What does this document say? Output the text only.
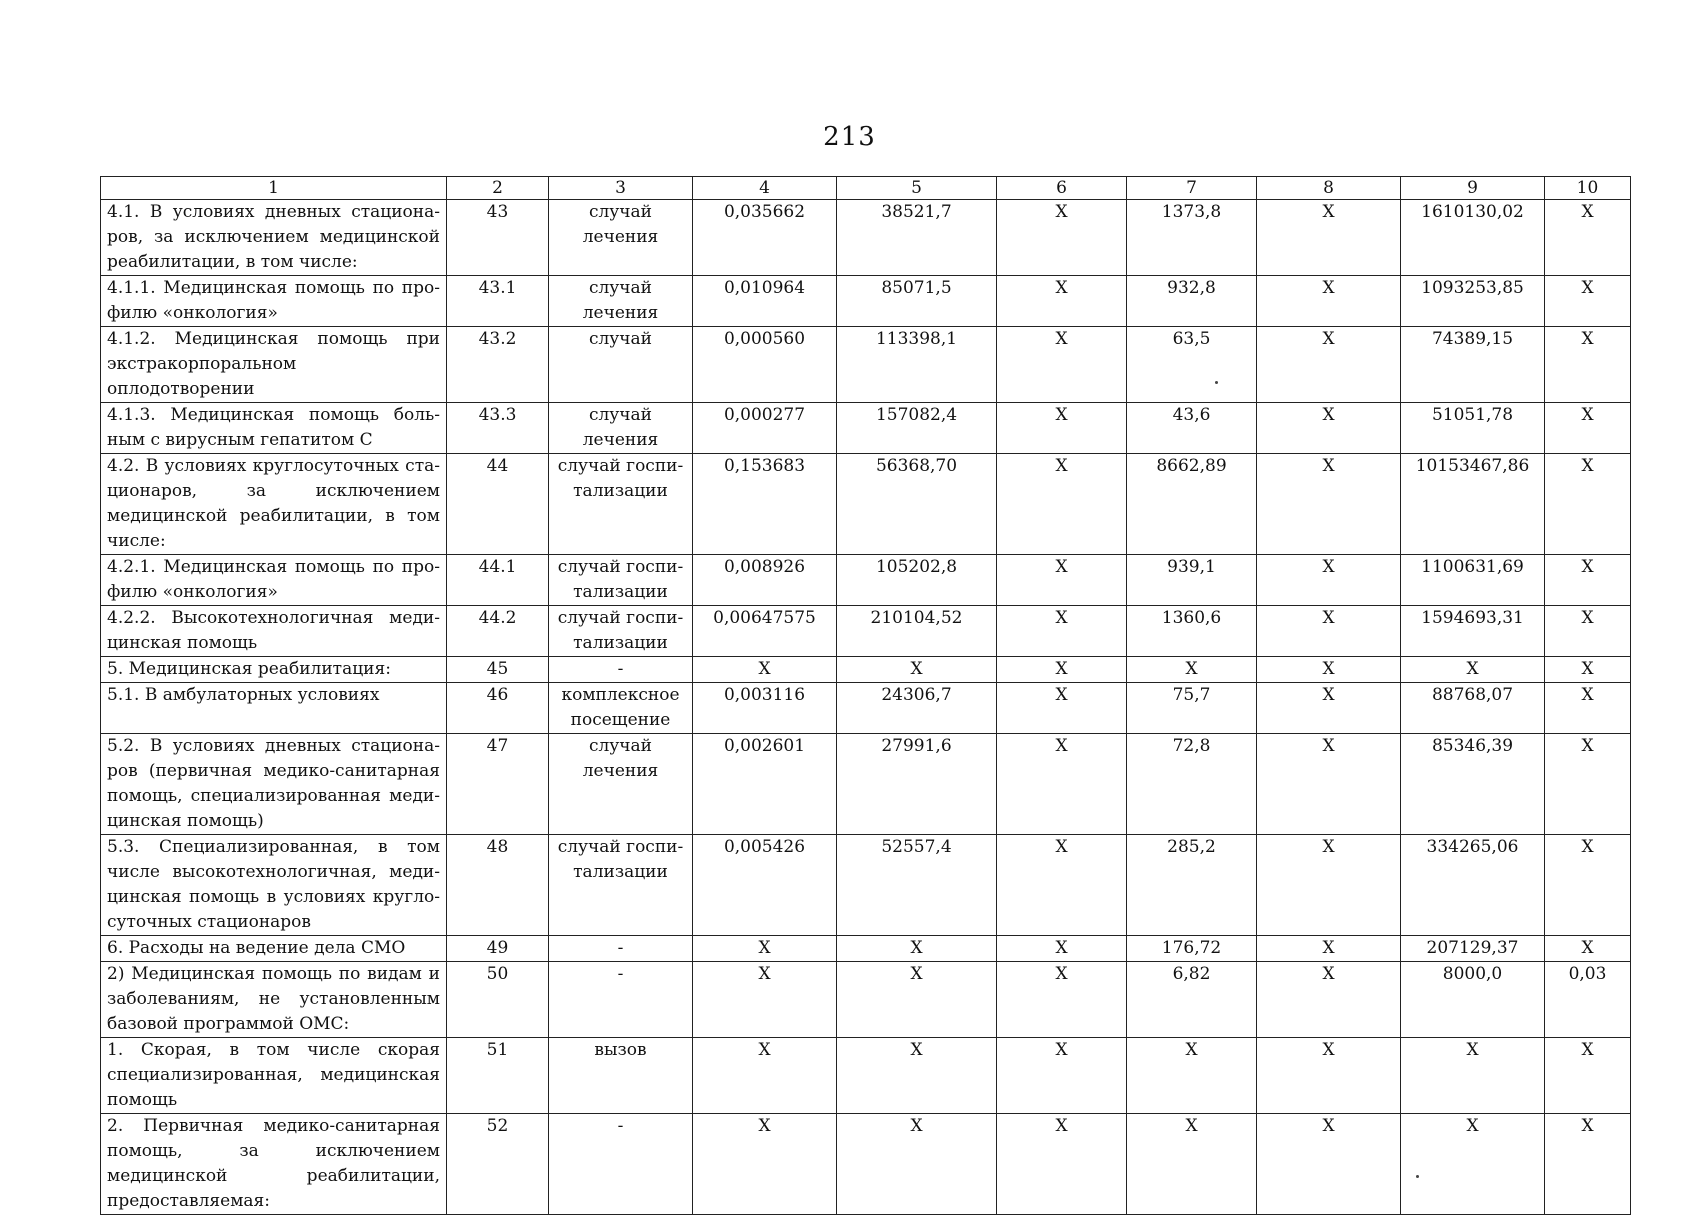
213
1	2	3	4	5	6	7	8	9	10
4.1. В условиях дневных стационаров, за исключением медицинской реабилитации, в том числе:	43	случай лечения	0,035662	38521,7	X	1373,8	X	1610130,02	X
4.1.1. Медицинская помощь по профилю «онкология»	43.1	случай лечения	0,010964	85071,5	X	932,8	X	1093253,85	X
4.1.2. Медицинская помощь при экстракорпоральном оплодотворении	43.2	случай	0,000560	113398,1	X	63,5	X	74389,15	X
4.1.3. Медицинская помощь больным с вирусным гепатитом С	43.3	случай лечения	0,000277	157082,4	X	43,6	X	51051,78	X
4.2. В условиях круглосуточных стационаров, за исключением медицинской реабилитации, в том числе:	44	случай госпитализации	0,153683	56368,70	X	8662,89	X	10153467,86	X
4.2.1. Медицинская помощь по профилю «онкология»	44.1	случай госпитализации	0,008926	105202,8	X	939,1	X	1100631,69	X
4.2.2. Высокотехнологичная медицинская помощь	44.2	случай госпитализации	0,00647575	210104,52	X	1360,6	X	1594693,31	X
5. Медицинская реабилитация:	45	-	X	X	X	X	X	X	X
5.1. В амбулаторных условиях	46	комплексное посещение	0,003116	24306,7	X	75,7	X	88768,07	X
5.2. В условиях дневных стационаров (первичная медико-санитарная помощь, специализированная медицинская помощь)	47	случай лечения	0,002601	27991,6	X	72,8	X	85346,39	X
5.3. Специализированная, в том числе высокотехнологичная, медицинская помощь в условиях круглосуточных стационаров	48	случай госпитализации	0,005426	52557,4	X	285,2	X	334265,06	X
6. Расходы на ведение дела СМО	49	-	X	X	X	176,72	X	207129,37	X
2) Медицинская помощь по видам и заболеваниям, не установленным базовой программой ОМС:	50	-	X	X	X	6,82	X	8000,0	0,03
1. Скорая, в том числе скорая специализированная, медицинская помощь	51	вызов	X	X	X	X	X	X	X
2. Первичная медико-санитарная помощь, за исключением медицинской реабилитации, предоставляемая:	52	-	X	X	X	X	X	X	X
